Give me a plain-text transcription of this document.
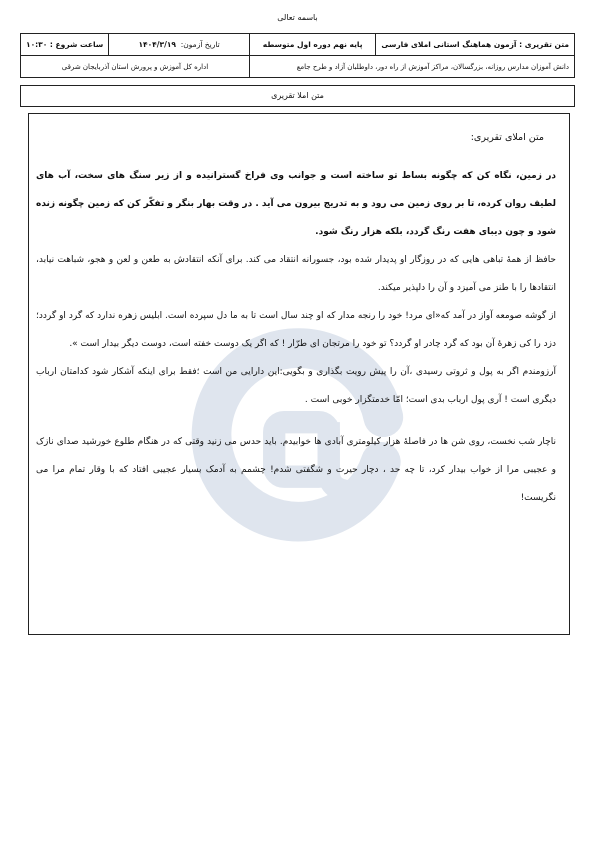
باسمه تعالی
متن تقریری : آزمون هماهنگ استانی املای فارسی	پایه نهم دوره اول متوسطه	تاریخ آزمون:  ۱۴۰۴/۳/۱۹	ساعت شروع : ۱۰:۳۰
دانش آموزان مدارس روزانه، بزرگسالان، مراکز آموزش از راه دور، داوطلبان آزاد و طرح جامع		اداره کل آموزش و پرورش استان آذربایجان شرقی	
متن املا تقریری

متن املای تقریری:

در زمین، نگاه کن که چگونه بساط تو ساخته است و جوانب وی فراخ گسترانیده و از زیر سنگ های سخت، آب های لطیف روان کرده، تا بر روی زمین می رود و به تدریج بیرون می آید . در وقت بهار بنگر و تفکّر کن که زمین چگونه زنده شود و چون دیبای هفت رنگ گردد، بلکه هزار رنگ شود.

حافظ از همهٔ تباهی هایی که در روزگار او پدیدار شده بود، جسورانه انتقاد می کند. برای آنکه انتقادش به طعن و لعن و هجو، شباهت نیابد، انتقادها را با طنز می آمیزد و آن را دلپذیر میکند.

از گوشه صومعه آواز در آمد که«ای مرد! خود را رنجه مدار که او چند سال است تا به ما دل سپرده است. ابلیس زهره ندارد که گرد او گردد؛ دزد را کی زهرهٔ آن بود که گرد چادر او گردد؟ تو خود را مرتجان ای طرّار ! که اگر یک دوست خفته است، دوست دیگر بیدار است ».

آرزومندم اگر به پول و ثروتی رسیدی ،آن را پیش رویت بگذاری و بگویی:این دارایی من است ؛فقط برای اینکه آشکار شود کدامتان ارباب دیگری است ! آری پول ارباب بدی است؛ امّا خدمتگزار خوبی است .

ناچار شب نخست، روی شن ها در فاصلهٔ هزار کیلومتری آبادی ها خوابیدم. باید حدس می زنید وقتی که در هنگام طلوع خورشید صدای نازک و عجیبی مرا از خواب بیدار کرد، تا چه حد ، دچار حیرت و شگفتی شدم! چشمم به آدمک بسیار عجیبی افتاد که با وقار تمام مرا می نگریست!
